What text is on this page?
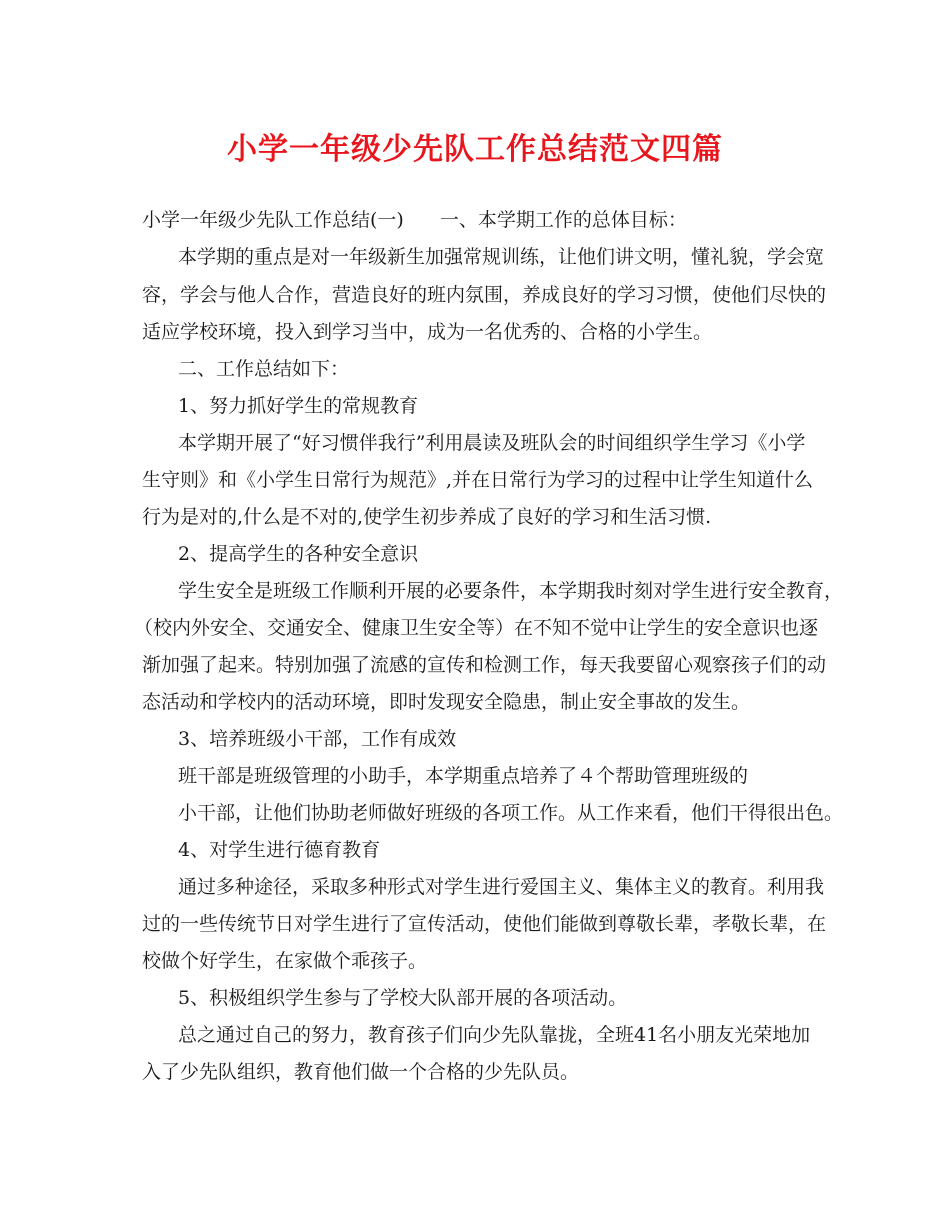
小学一年级少先队工作总结范文四篇
小学一年级少先队工作总结(一) 一、本学期工作的总体目标：
本学期的重点是对一年级新生加强常规训练，让他们讲文明，懂礼貌，学会宽
容，学会与他人合作，营造良好的班内氛围，养成良好的学习习惯，使他们尽快的
适应学校环境，投入到学习当中，成为一名优秀的、合格的小学生。
二、工作总结如下：
1、努力抓好学生的常规教育
本学期开展了“好习惯伴我行”利用晨读及班队会的时间组织学生学习《小学
生守则》和《小学生日常行为规范》,并在日常行为学习的过程中让学生知道什么
行为是对的,什么是不对的,使学生初步养成了良好的学习和生活习惯.
2、提高学生的各种安全意识
学生安全是班级工作顺利开展的必要条件，本学期我时刻对学生进行安全教育，
（校内外安全、交通安全、健康卫生安全等）在不知不觉中让学生的安全意识也逐
渐加强了起来。特别加强了流感的宣传和检测工作，每天我要留心观察孩子们的动
态活动和学校内的活动环境，即时发现安全隐患，制止安全事故的发生。
3、培养班级小干部，工作有成效
班干部是班级管理的小助手，本学期重点培养了４个帮助管理班级的
小干部，让他们协助老师做好班级的各项工作。从工作来看，他们干得很出色。
4、对学生进行德育教育
通过多种途径，采取多种形式对学生进行爱国主义、集体主义的教育。利用我
过的一些传统节日对学生进行了宣传活动，使他们能做到尊敬长辈，孝敬长辈，在
校做个好学生，在家做个乖孩子。
5、积极组织学生参与了学校大队部开展的各项活动。
总之通过自己的努力，教育孩子们向少先队靠拢，全班41名小朋友光荣地加
入了少先队组织，教育他们做一个合格的少先队员。
